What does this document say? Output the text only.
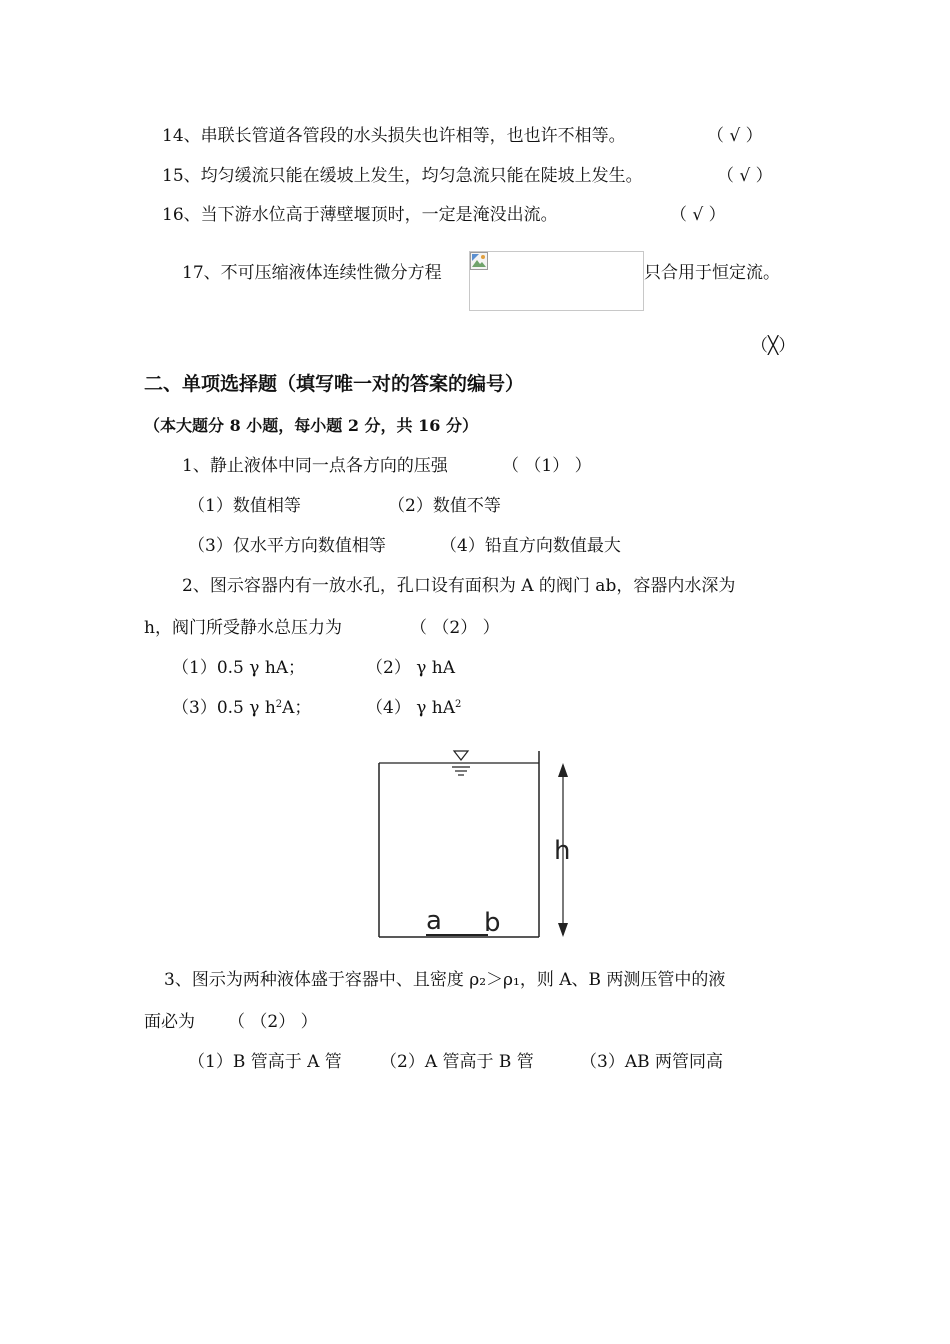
14、串联长管道各管段的水头损失也许相等，也也许不相等。	（ √ ）
15、均匀缓流只能在缓坡上发生，均匀急流只能在陡坡上发生。	（ √ ）
16、当下游水位高于薄壁堰顶时，一定是淹没出流。	（ √ ）
17、不可压缩液体连续性微分方程	只合用于恒定流。
（╳）
二、单项选择题（填写唯一对的答案的编号）
（本大题分 8 小题，每小题 2 分，共 16 分）
1、静止液体中同一点各方向的压强	（ （1） ）
（1）数值相等	（2）数值不等
（3）仅水平方向数值相等	（4）铅直方向数值最大
2、图示容器内有一放水孔，孔口设有面积为 A 的阀门 ab，容器内水深为
h，阀门所受静水总压力为	（ （2） ）
（1）0.5 γ hA；	（2） γ hA
（3）0.5 γ $h^2A$；	（4） γ $hA^2$
a b
h
3、图示为两种液体盛于容器中、且密度 ρ₂＞ρ₁，则 A、B 两测压管中的液
面必为 （ （2） ）
（1）B 管高于 A 管 （2）A 管高于 B 管	（3）AB 两管同高
